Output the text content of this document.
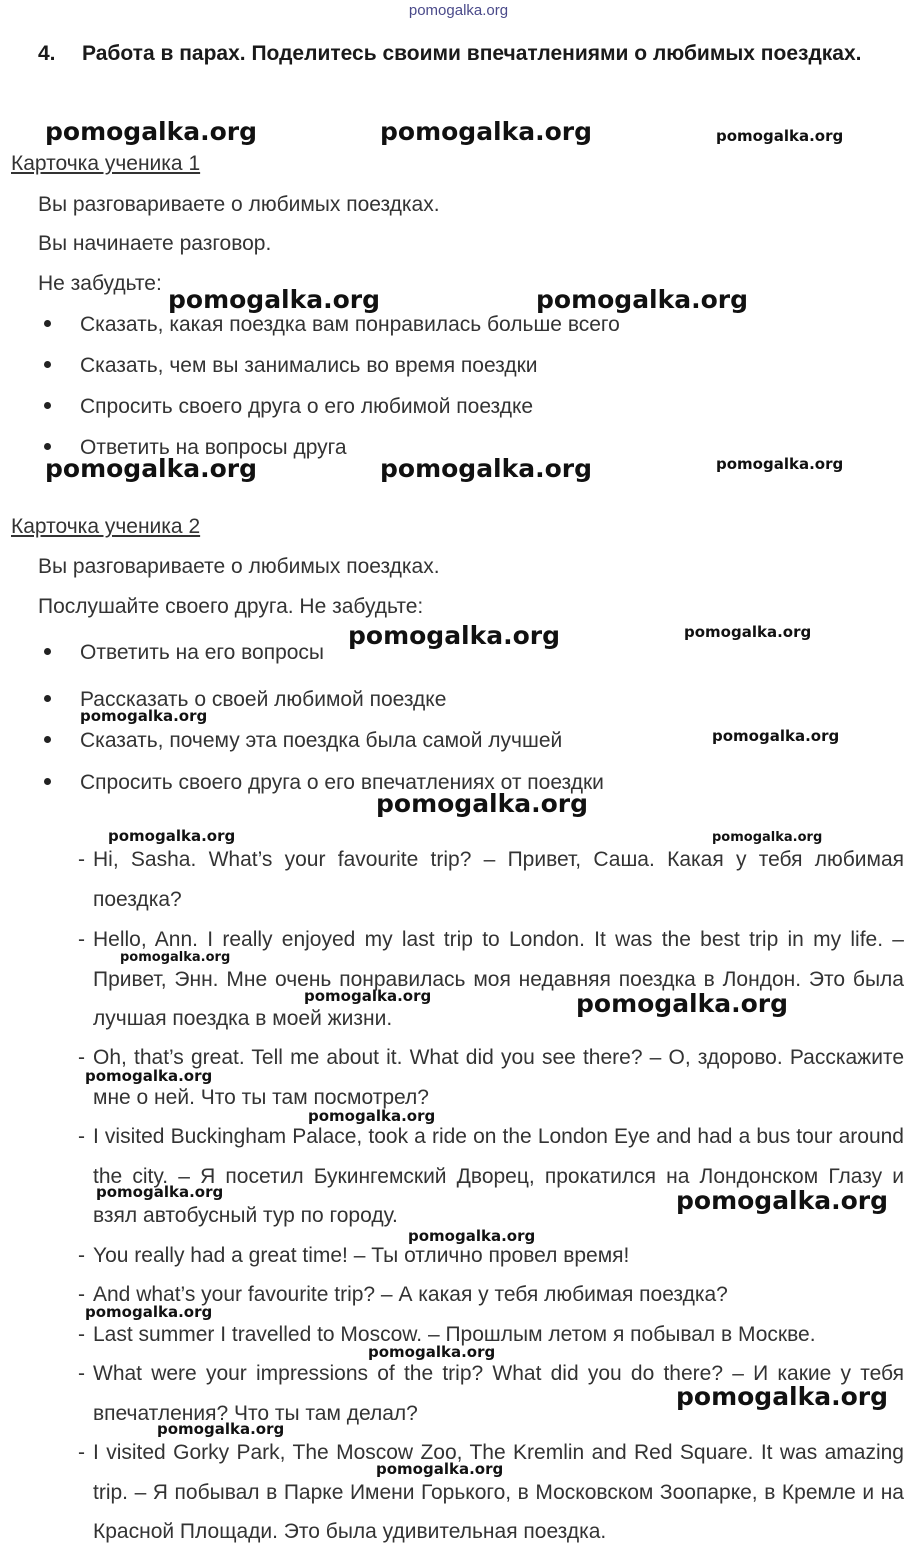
pomogalka.org
4. Работа в парах. Поделитесь своими впечатлениями о любимых поездках.
Карточка ученика 1
Вы разговариваете о любимых поездках.
Вы начинаете разговор.
Не забудьте:
Сказать, какая поездка вам понравилась больше всего
Сказать, чем вы занимались во время поездки
Спросить своего друга о его любимой поездке
Ответить на вопросы друга
Карточка ученика 2
Вы разговариваете о любимых поездках.
Послушайте своего друга. Не забудьте:
Ответить на его вопросы
Рассказать о своей любимой поездке
Сказать, почему эта поездка была самой лучшей
Спросить своего друга о его впечатлениях от поездки
- Hi, Sasha. What’s your favourite trip? – Привет, Саша. Какая у тебя любимая поездка?
- Hello, Ann. I really enjoyed my last trip to London. It was the best trip in my life. – Привет, Энн. Мне очень понравилась моя недавняя поездка в Лондон. Это была лучшая поездка в моей жизни.
- Oh, that’s great. Tell me about it. What did you see there? – О, здорово. Расскажите мне о ней. Что ты там посмотрел?
- I visited Buckingham Palace, took a ride on the London Eye and had a bus tour around the city. – Я посетил Букингемский Дворец, прокатился на Лондонском Глазу и взял автобусный тур по городу.
- You really had a great time! – Ты отлично провел время!
- And what’s your favourite trip? – А какая у тебя любимая поездка?
- Last summer I travelled to Moscow. – Прошлым летом я побывал в Москве.
- What were your impressions of the trip? What did you do there? – И какие у тебя впечатления? Что ты там делал?
- I visited Gorky Park, The Moscow Zoo, The Kremlin and Red Square. It was amazing trip. – Я побывал в Парке Имени Горького, в Московском Зоопарке, в Кремле и на Красной Площади. Это была удивительная поездка.
pomogalka.org	pomogalka.org	pomogalka.org
pomogalka.org	pomogalka.org
pomogalka.org	pomogalka.org	pomogalka.org
pomogalka.org	pomogalka.org
pomogalka.org
pomogalka.org
pomogalka.org
pomogalka.org	pomogalka.org
pomogalka.org
pomogalka.org	pomogalka.org
pomogalka.org
pomogalka.org
pomogalka.org	pomogalka.org
pomogalka.org
pomogalka.org
pomogalka.org
pomogalka.org
pomogalka.org
pomogalka.org
